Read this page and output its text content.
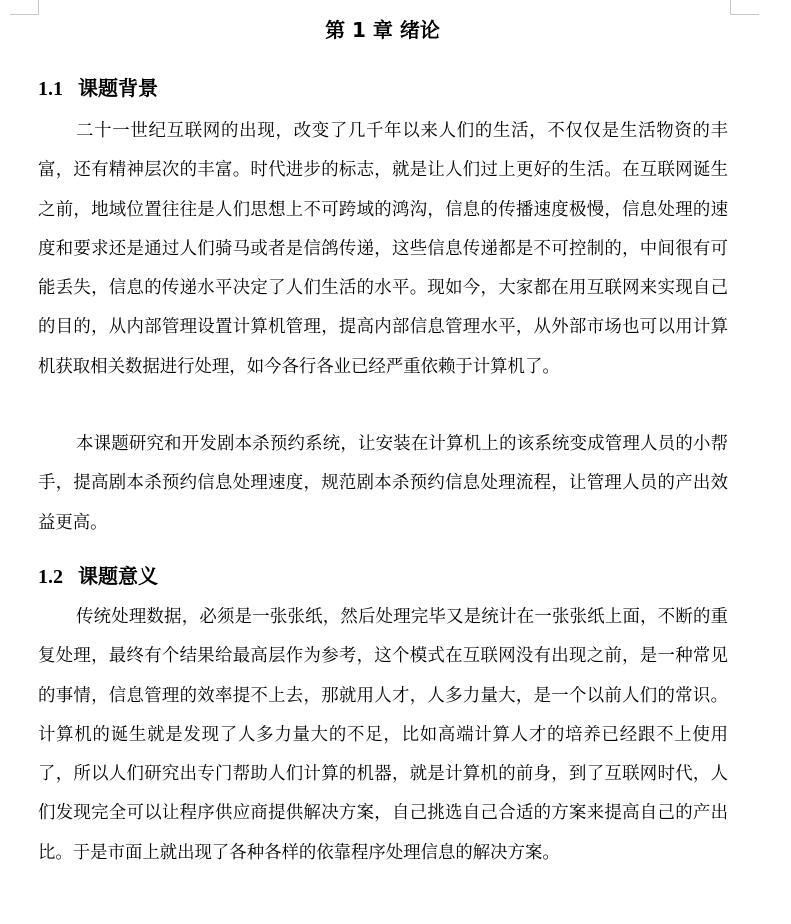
第 1 章 绪论
1.1 课题背景

二十一世纪互联网的出现，改变了几千年以来人们的生活，不仅仅是生活物资的丰富，还有精神层次的丰富。时代进步的标志，就是让人们过上更好的生活。在互联网诞生之前，地域位置往往是人们思想上不可跨域的鸿沟，信息的传播速度极慢，信息处理的速度和要求还是通过人们骑马或者是信鸽传递，这些信息传递都是不可控制的，中间很有可能丢失，信息的传递水平决定了人们生活的水平。现如今，大家都在用互联网来实现自己的目的，从内部管理设置计算机管理，提高内部信息管理水平，从外部市场也可以用计算机获取相关数据进行处理，如今各行各业已经严重依赖于计算机了。

本课题研究和开发剧本杀预约系统，让安装在计算机上的该系统变成管理人员的小帮手，提高剧本杀预约信息处理速度，规范剧本杀预约信息处理流程，让管理人员的产出效益更高。

1.2 课题意义

传统处理数据，必须是一张张纸，然后处理完毕又是统计在一张张纸上面，不断的重复处理，最终有个结果给最高层作为参考，这个模式在互联网没有出现之前，是一种常见的事情，信息管理的效率提不上去，那就用人才，人多力量大，是一个以前人们的常识。计算机的诞生就是发现了人多力量大的不足，比如高端计算人才的培养已经跟不上使用了，所以人们研究出专门帮助人们计算的机器，就是计算机的前身，到了互联网时代，人们发现完全可以让程序供应商提供解决方案，自己挑选自己合适的方案来提高自己的产出比。于是市面上就出现了各种各样的依靠程序处理信息的解决方案。
